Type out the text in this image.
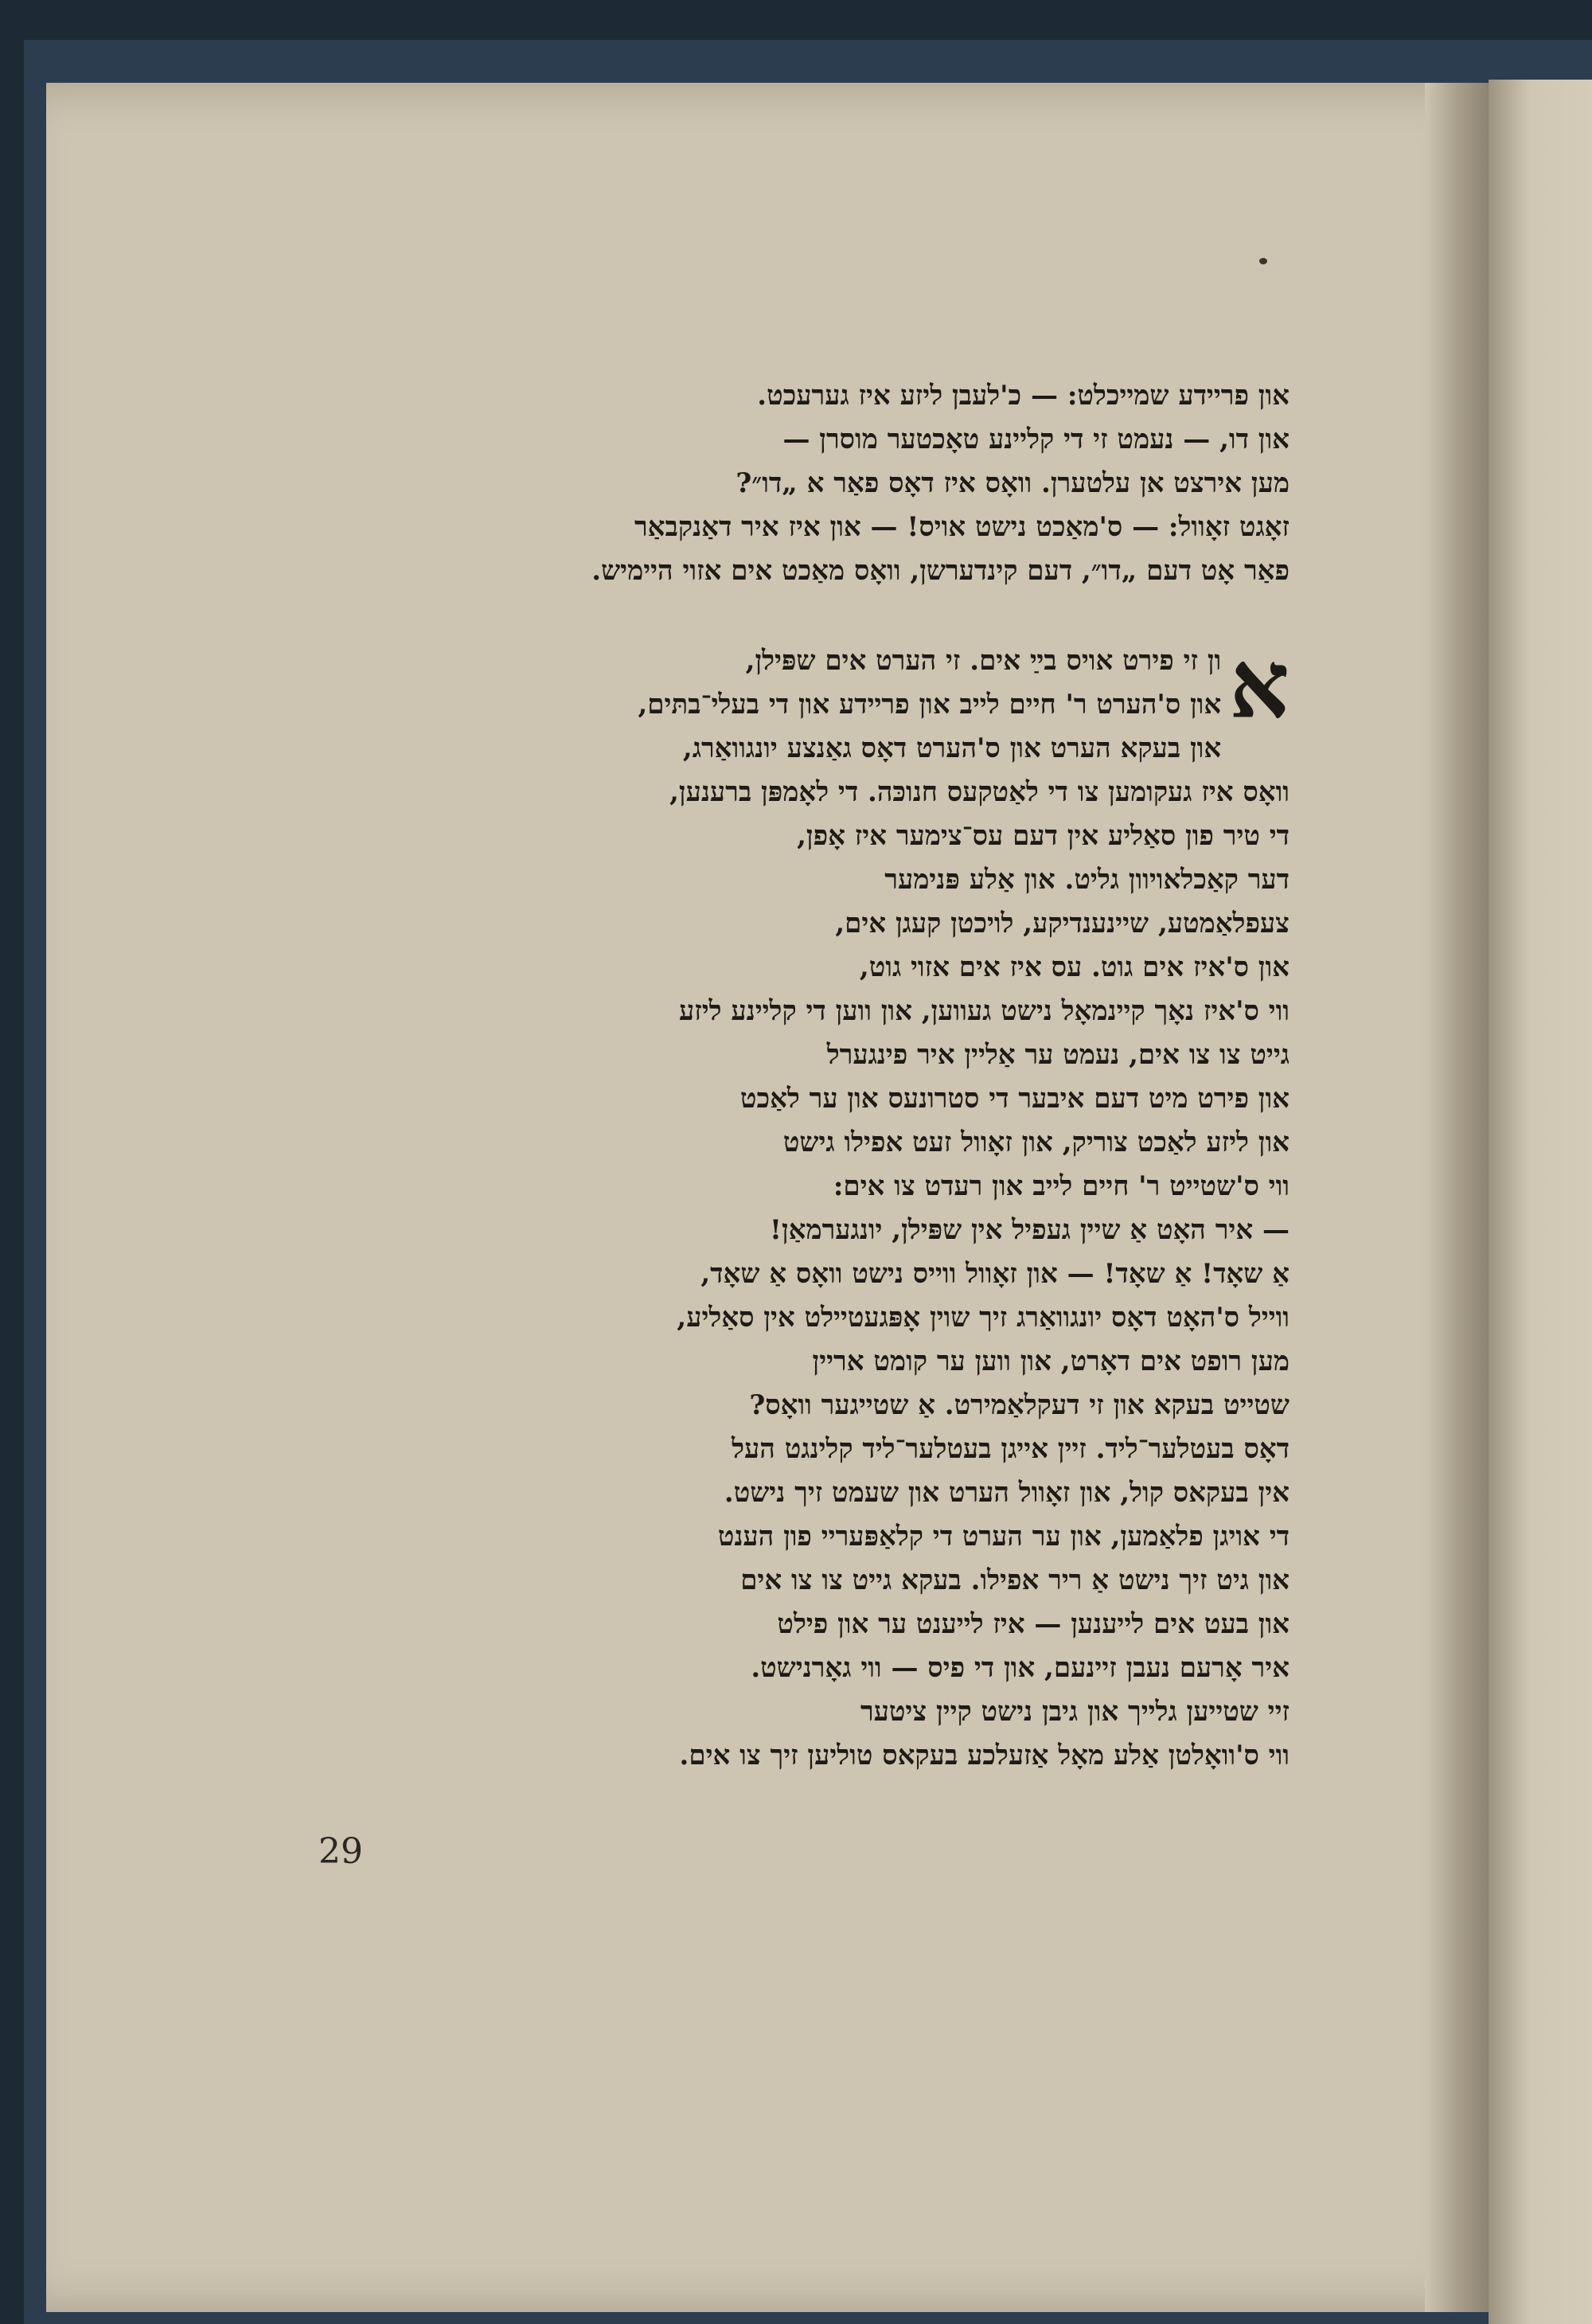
און פריידע שמייכלט: — כ'לעבן ליזע איז גערעכט.
און דו, — נעמט זי די קליינע טאָכטער מוסרן —
מען אירצט אן עלטערן. וואָס איז דאָס פאַר א „דו״?
זאָגט זאָוול: — ס'מאַכט נישט אויס! — און איז איר דאַנקבאַר
פאַר אָט דעם „דו״, דעם קינדערשן, וואָס מאַכט אים אזוי היימיש.
א
ון זי פירט אויס בײַ אים. זי הערט אים שפּילן,
און ס'הערט ר' חיים לייב און פריידע און די בעלי־בתּים,
און בעקא הערט און ס'הערט דאָס גאַנצע יונגוואַרג,
וואָס איז געקומען צו די לאַטקעס חנוכּה. די לאָמפּן ברענען,
די טיר פון סאַליע אין דעם עס־צימער איז אָפן,
דער קאַכלאויוון גליט. און אַלע פּנימער
צעפלאַמטע, שיינענדיקע, לויכטן קעגן אים,
און ס'איז אים גוט. עס איז אים אזוי גוט,
ווי ס'איז נאָך קיינמאָל נישט געווען, און ווען די קליינע ליזע
גייט צו צו אים, נעמט ער אַליין איר פינגערל
און פירט מיט דעם איבער די סטרונעס און ער לאַכט
און ליזע לאַכט צוריק, און זאָוול זעט אפילו גישט
ווי ס'שטייט ר' חיים לייב און רעדט צו אים:
— איר האָט אַ שיין געפיל אין שפּילן, יונגערמאַן!
אַ שאָד! אַ שאָד! — און זאָוול ווייס נישט וואָס אַ שאָד,
ווייל ס'האָט דאָס יונגוואַרג זיך שוין אָפּגעטיילט אין סאַליע,
מען רופט אים דאָרט, און ווען ער קומט אריין
שטייט בעקא און זי דעקלאַמירט. אַ שטייגער וואָס?
דאָס בעטלער־ליד. זיין אייגן בעטלער־ליד קלינגט העל
אין בעקאס קול, און זאָוול הערט און שעמט זיך נישט.
די אויגן פלאַמען, און ער הערט די קלאַפּעריי פון הענט
און גיט זיך נישט אַ ריר אפילו. בעקא גייט צו צו אים
און בעט אים לייענען — איז לייענט ער און פילט
איר אָרעם נעבן זיינעם, און די פיס — ווי גאָרנישט.
זיי שטייען גלייך און גיבן נישט קיין ציטער
ווי ס'וואָלטן אַלע מאָל אַזעלכע בעקאס טוליען זיך צו אים.
29
